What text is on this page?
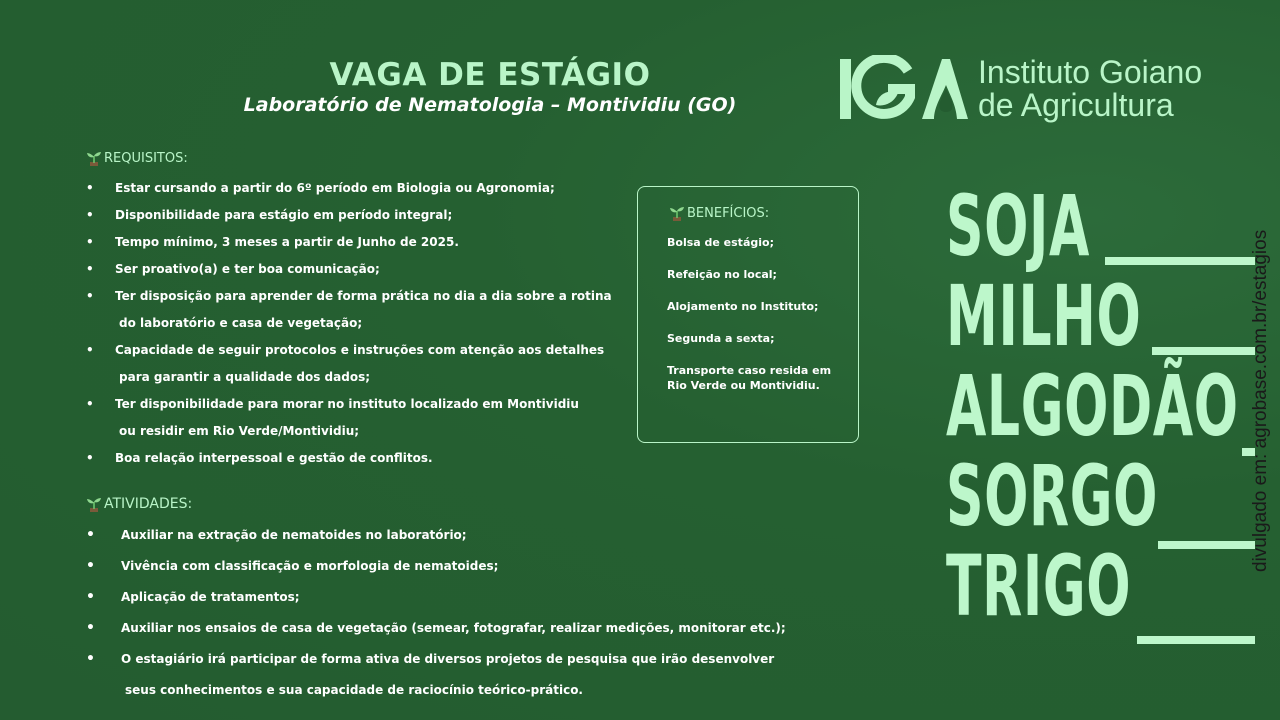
VAGA DE ESTÁGIO
Laboratório de Nematologia – Montividiu (GO)
Instituto Goiano
de Agricultura
REQUISITOS:
• Estar cursando a partir do 6º período em Biologia ou Agronomia;
• Disponibilidade para estágio em período integral;
• Tempo mínimo, 3 meses a partir de Junho de 2025.
• Ser proativo(a) e ter boa comunicação;
• Ter disposição para aprender de forma prática no dia a dia sobre a rotina
do laboratório e casa de vegetação;
• Capacidade de seguir protocolos e instruções com atenção aos detalhes
para garantir a qualidade dos dados;
• Ter disponibilidade para morar no instituto localizado em Montividiu
ou residir em Rio Verde/Montividiu;
• Boa relação interpessoal e gestão de conflitos.
BENEFÍCIOS:
Bolsa de estágio;
Refeição no local;
Alojamento no Instituto;
Segunda a sexta;
Transporte caso resida em
Rio Verde ou Montividiu.
ATIVIDADES:
• Auxiliar na extração de nematoides no laboratório;
• Vivência com classificação e morfologia de nematoides;
• Aplicação de tratamentos;
• Auxiliar nos ensaios de casa de vegetação (semear, fotografar, realizar medições, monitorar etc.);
• O estagiário irá participar de forma ativa de diversos projetos de pesquisa que irão desenvolver
seus conhecimentos e sua capacidade de raciocínio teórico-prático.
SOJA
MILHO
ALGODÃO
SORGO
TRIGO
divulgado em: agrobase.com.br/estagios
